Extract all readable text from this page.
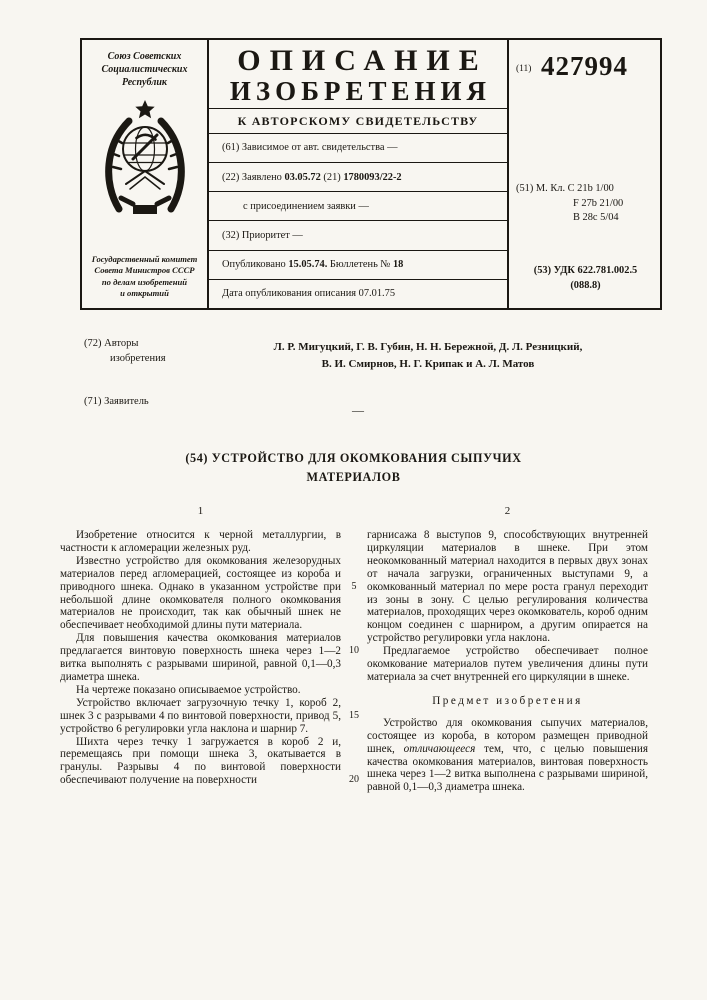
Союз Советских
Социалистических
Республик
Государственный комитет
Совета Министров СССР
по делам изобретений
и открытий
ОПИСАНИЕ
ИЗОБРЕТЕНИЯ
К АВТОРСКОМУ СВИДЕТЕЛЬСТВУ
(61) Зависимое от авт. свидетельства —
(22) Заявлено 03.05.72 (21) 1780093/22-2
с присоединением заявки —
(32) Приоритет —
Опубликовано 15.05.74. Бюллетень № 18
Дата опубликования описания 07.01.75
(11) 427994
(51) М. Кл. С 21b 1/00
F 27b 21/00
В 28с 5/04
(53) УДК 622.781.002.5
(088.8)
(72) Авторы
изобретения
Л. Р. Мигуцкий, Г. В. Губин, Н. Н. Бережной, Д. Л. Резницкий,
В. И. Смирнов, Н. Г. Крипак и А. Л. Матов
(71) Заявитель
—
(54) УСТРОЙСТВО ДЛЯ ОКОМКОВАНИЯ СЫПУЧИХ
МАТЕРИАЛОВ
1	2

Изобретение относится к черной металлургии, в частности к агломерации железных руд.

Известно устройство для окомкования железорудных материалов перед агломерацией, состоящее из короба и приводного шнека. Однако в указанном устройстве при небольшой длине окомкователя полного окомкования материалов не происходит, так как обычный шнек не обеспечивает необходимой длины пути материала.

Для повышения качества окомкования материалов предлагается винтовую поверхность шнека через 1—2 витка выполнять с разрывами шириной, равной 0,1—0,3 диаметра шнека.

На чертеже показано описываемое устройство.

Устройство включает загрузочную течку 1, короб 2, шнек 3 с разрывами 4 по винтовой поверхности, привод 5, устройство 6 регулировки угла наклона и шарнир 7.

Шихта через течку 1 загружается в короб 2 и, перемещаясь при помощи шнека 3, окатывается в гранулы. Разрывы 4 по винтовой поверхности обеспечивают получение на поверхности

гарнисажа 8 выступов 9, способствующих внутренней циркуляции материалов в шнеке. При этом неокомкованный материал находится в первых двух зонах от начала загрузки, ограниченных выступами 9, а окомкованный материал по мере роста гранул переходит из зоны в зону. С целью регулирования количества материалов, проходящих через окомкователь, короб одним концом соединен с шарниром, а другим опирается на устройство регулировки угла наклона.

Предлагаемое устройство обеспечивает полное окомкование материалов путем увеличения длины пути материала за счет внутренней его циркуляции в шнеке.

Предмет изобретения

Устройство для окомкования сыпучих материалов, состоящее из короба, в котором размещен приводной шнек, отличающееся тем, что, с целью повышения качества окомкования материалов, винтовая поверхность шнека через 1—2 витка выполнена с разрывами шириной, равной 0,1—0,3 диаметра шнека.

5
10
15
20
